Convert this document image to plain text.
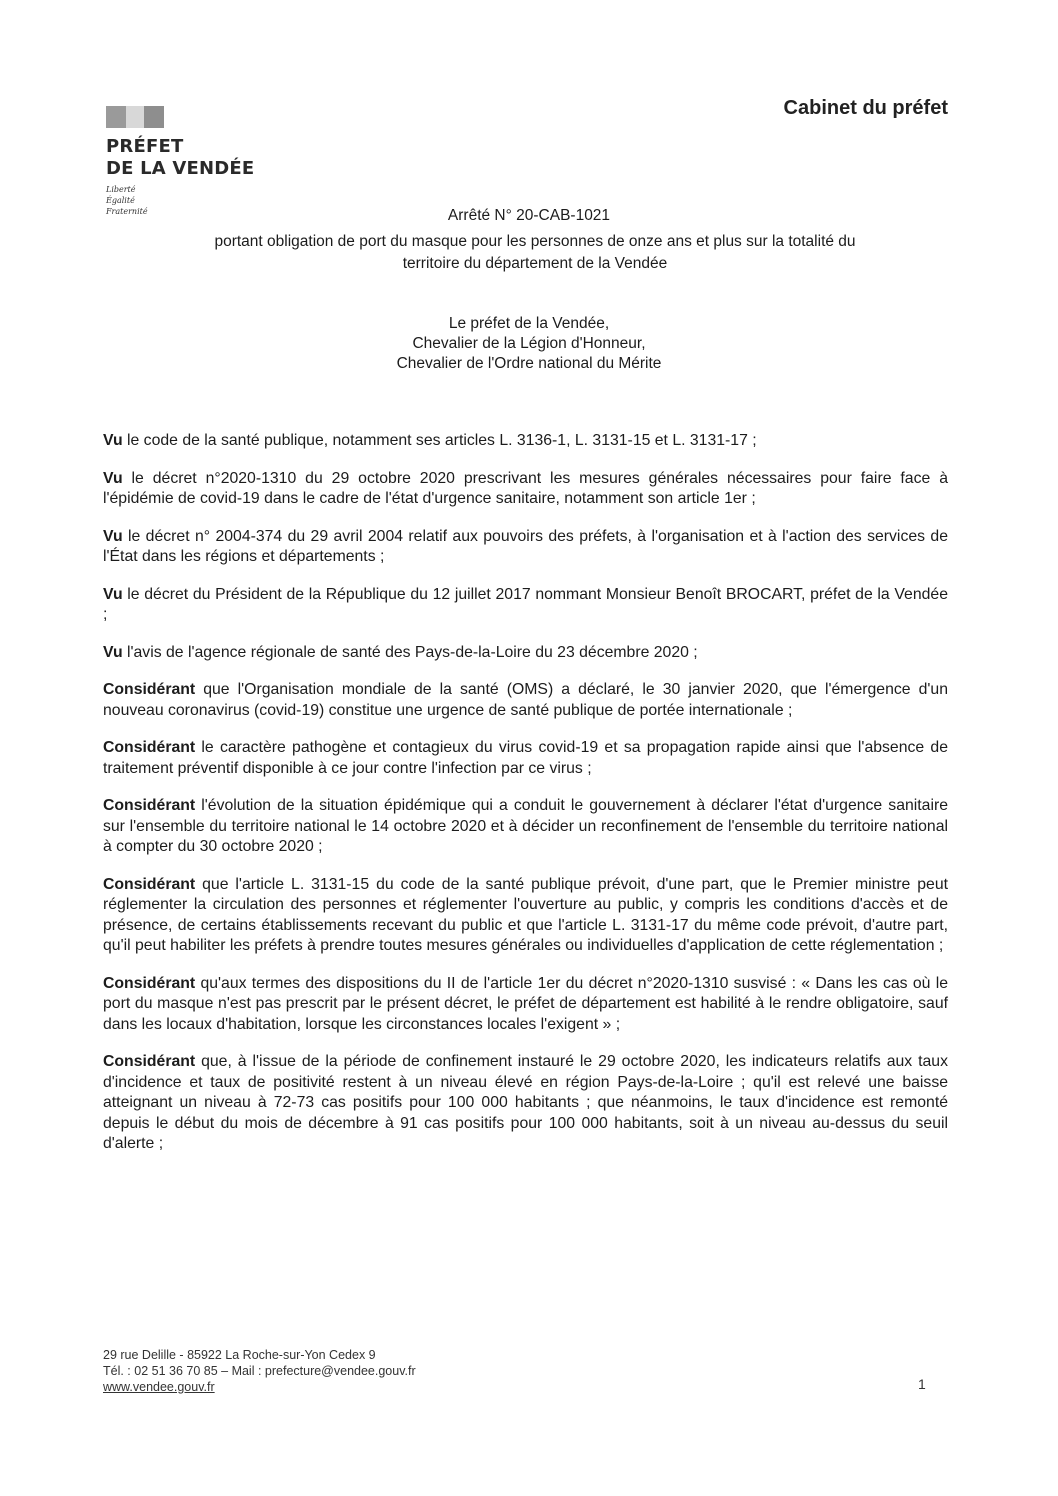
PRÉFET
DE LA VENDÉE
Liberté
Égalité
Fraternité
Cabinet du préfet
Arrêté N° 20-CAB-1021
portant obligation de port du masque pour les personnes de onze ans et plus sur la totalité du
territoire du département de la Vendée
Le préfet de la Vendée,
Chevalier de la Légion d'Honneur,
Chevalier de l'Ordre national du Mérite

Vu le code de la santé publique, notamment ses articles L. 3136-1, L. 3131-15 et L. 3131-17 ;

Vu le décret n°2020-1310 du 29 octobre 2020 prescrivant les mesures générales nécessaires pour faire face à l'épidémie de covid-19 dans le cadre de l'état d'urgence sanitaire, notamment son article 1er ;

Vu le décret n° 2004-374 du 29 avril 2004 relatif aux pouvoirs des préfets, à l'organisation et à l'action des services de l'État dans les régions et départements ;

Vu le décret du Président de la République du 12 juillet 2017 nommant Monsieur Benoît BROCART, préfet de la Vendée ;

Vu l'avis de l'agence régionale de santé des Pays-de-la-Loire du 23 décembre 2020 ;

Considérant que l'Organisation mondiale de la santé (OMS) a déclaré, le 30 janvier 2020, que l'émergence d'un nouveau coronavirus (covid-19) constitue une urgence de santé publique de portée internationale ;

Considérant le caractère pathogène et contagieux du virus covid-19 et sa propagation rapide ainsi que l'absence de traitement préventif disponible à ce jour contre l'infection par ce virus ;

Considérant l'évolution de la situation épidémique qui a conduit le gouvernement à déclarer l'état d'urgence sanitaire sur l'ensemble du territoire national le 14 octobre 2020 et à décider un reconfinement de l'ensemble du territoire national à compter du 30 octobre 2020 ;

Considérant que l'article L. 3131-15 du code de la santé publique prévoit, d'une part, que le Premier ministre peut réglementer la circulation des personnes et réglementer l'ouverture au public, y compris les conditions d'accès et de présence, de certains établissements recevant du public et que l'article L. 3131-17 du même code prévoit, d'autre part, qu'il peut habiliter les préfets à prendre toutes mesures générales ou individuelles d'application de cette réglementation ;

Considérant qu'aux termes des dispositions du II de l'article 1er du décret n°2020-1310 susvisé : « Dans les cas où le port du masque n'est pas prescrit par le présent décret, le préfet de département est habilité à le rendre obligatoire, sauf dans les locaux d'habitation, lorsque les circonstances locales l'exigent » ;

Considérant que, à l'issue de la période de confinement instauré le 29 octobre 2020, les indicateurs relatifs aux taux d'incidence et taux de positivité restent à un niveau élevé en région Pays-de-la-Loire ; qu'il est relevé une baisse atteignant un niveau à 72-73 cas positifs pour 100 000 habitants ; que néanmoins, le taux d'incidence est remonté depuis le début du mois de décembre à 91 cas positifs pour 100 000 habitants, soit à un niveau au-dessus du seuil d'alerte ;

29 rue Delille - 85922 La Roche-sur-Yon Cedex 9
Tél. : 02 51 36 70 85 – Mail : prefecture@vendee.gouv.fr
www.vendee.gouv.fr	1
